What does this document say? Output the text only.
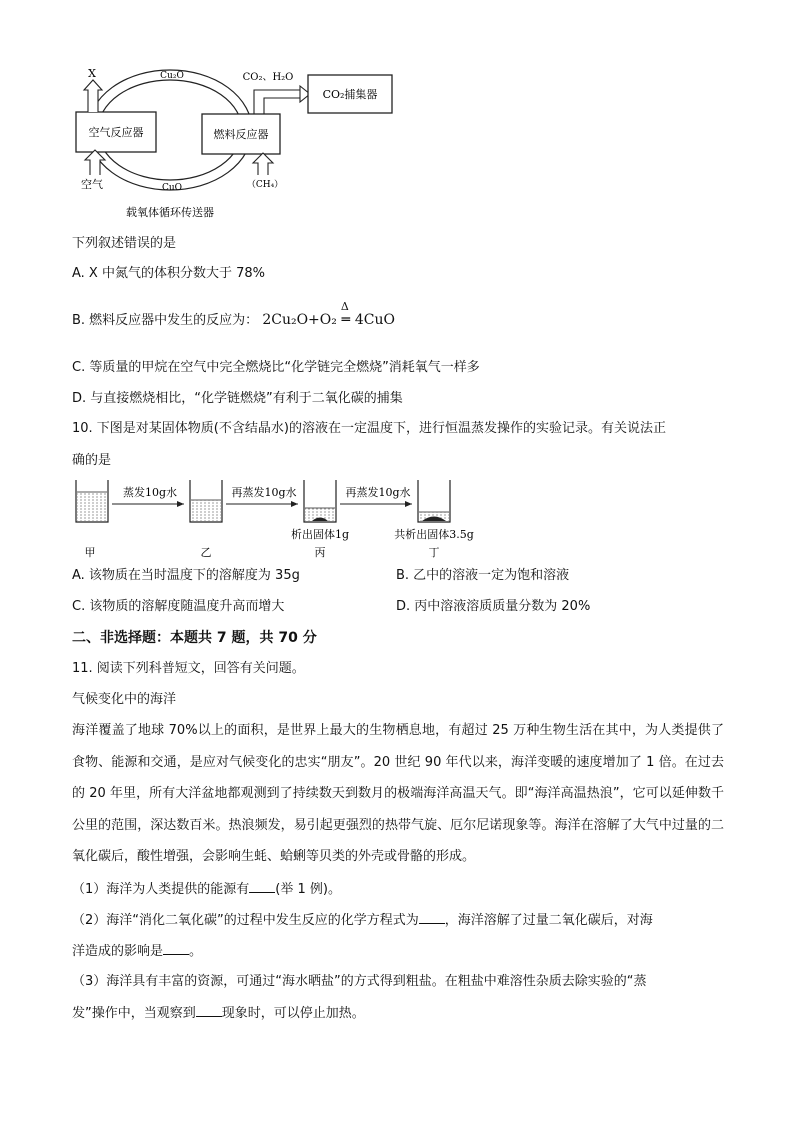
空气反应器	燃料反应器
Cu₂O
CuO
X
空气	（CH₄）
CO₂、H₂O
CO₂捕集器
载氧体循环传送器
下列叙述错误的是
A. X 中氮气的体积分数大于 78%
B. 燃料反应器中发生的反应为： 2Cu₂O+O₂
Δ
═ 4CuO
C. 等质量的甲烷在空气中完全燃烧比“化学链完全燃烧”消耗氧气一样多
D. 与直接燃烧相比，“化学链燃烧”有利于二氧化碳的捕集
10. 下图是对某固体物质(不含结晶水)的溶液在一定温度下，进行恒温蒸发操作的实验记录。有关说法正
确的是
蒸发10g水	再蒸发10g水
析出固体1g
再蒸发10g水
共析出固体3.5g
甲	乙	丙	丁
A. 该物质在当时温度下的溶解度为 35g	B. 乙中的溶液一定为饱和溶液
C. 该物质的溶解度随温度升高而增大	D. 丙中溶液溶质质量分数为 20%
二、非选择题：本题共 7 题，共 70 分
11. 阅读下列科普短文，回答有关问题。
气候变化中的海洋
海洋覆盖了地球 70%以上的面积，是世界上最大的生物栖息地，有超过 25 万种生物生活在其中，为人类提供了食物、能源和交通，是应对气候变化的忠实“朋友”。20 世纪 90 年代以来，海洋变暖的速度增加了 1 倍。在过去的 20 年里，所有大洋盆地都观测到了持续数天到数月的极端海洋高温天气。即“海洋高温热浪”，它可以延伸数千公里的范围，深达数百米。热浪频发，易引起更强烈的热带气旋、厄尔尼诺现象等。海洋在溶解了大气中过量的二氧化碳后，酸性增强，会影响生蚝、蛤蜊等贝类的外壳或骨骼的形成。
（1）海洋为人类提供的能源有 (举 1 例)。
（2）海洋“消化二氧化碳”的过程中发生反应的化学方程式为 ，海洋溶解了过量二氧化碳后，对海
洋造成的影响是 。
（3）海洋具有丰富的资源，可通过“海水晒盐”的方式得到粗盐。在粗盐中难溶性杂质去除实验的“蒸
发”操作中，当观察到 现象时，可以停止加热。
